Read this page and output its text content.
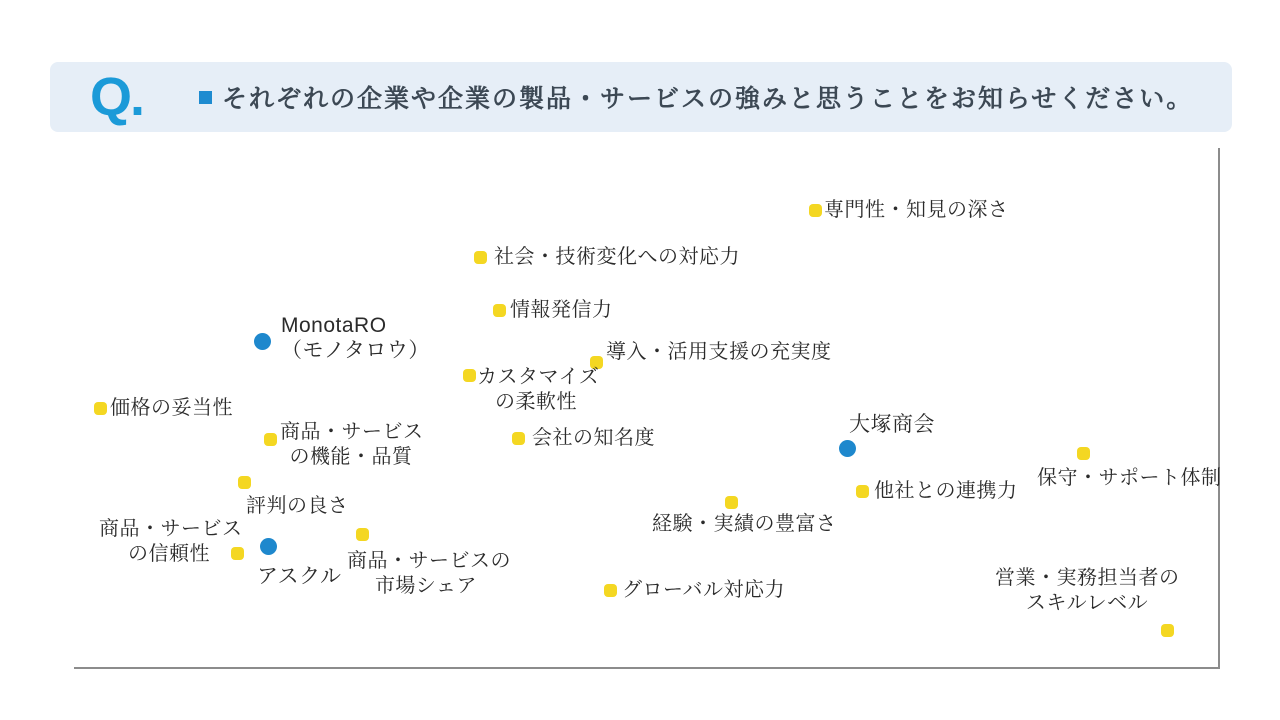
Q.	それぞれの企業や企業の製品・サービスの強みと思うことをお知らせください。
MonotaRO
（モノタロウ）
アスクル
大塚商会
専門性・知見の深さ
社会・技術変化への対応力
情報発信力
導入・活用支援の充実度
カスタマイズ
の柔軟性
価格の妥当性
商品・サービス
の機能・品質
評判の良さ
会社の知名度
保守・サポート体制
他社との連携力
経験・実績の豊富さ
商品・サービス
の信頼性	商品・サービスの
市場シェア	グローバル対応力
営業・実務担当者の
スキルレベル
